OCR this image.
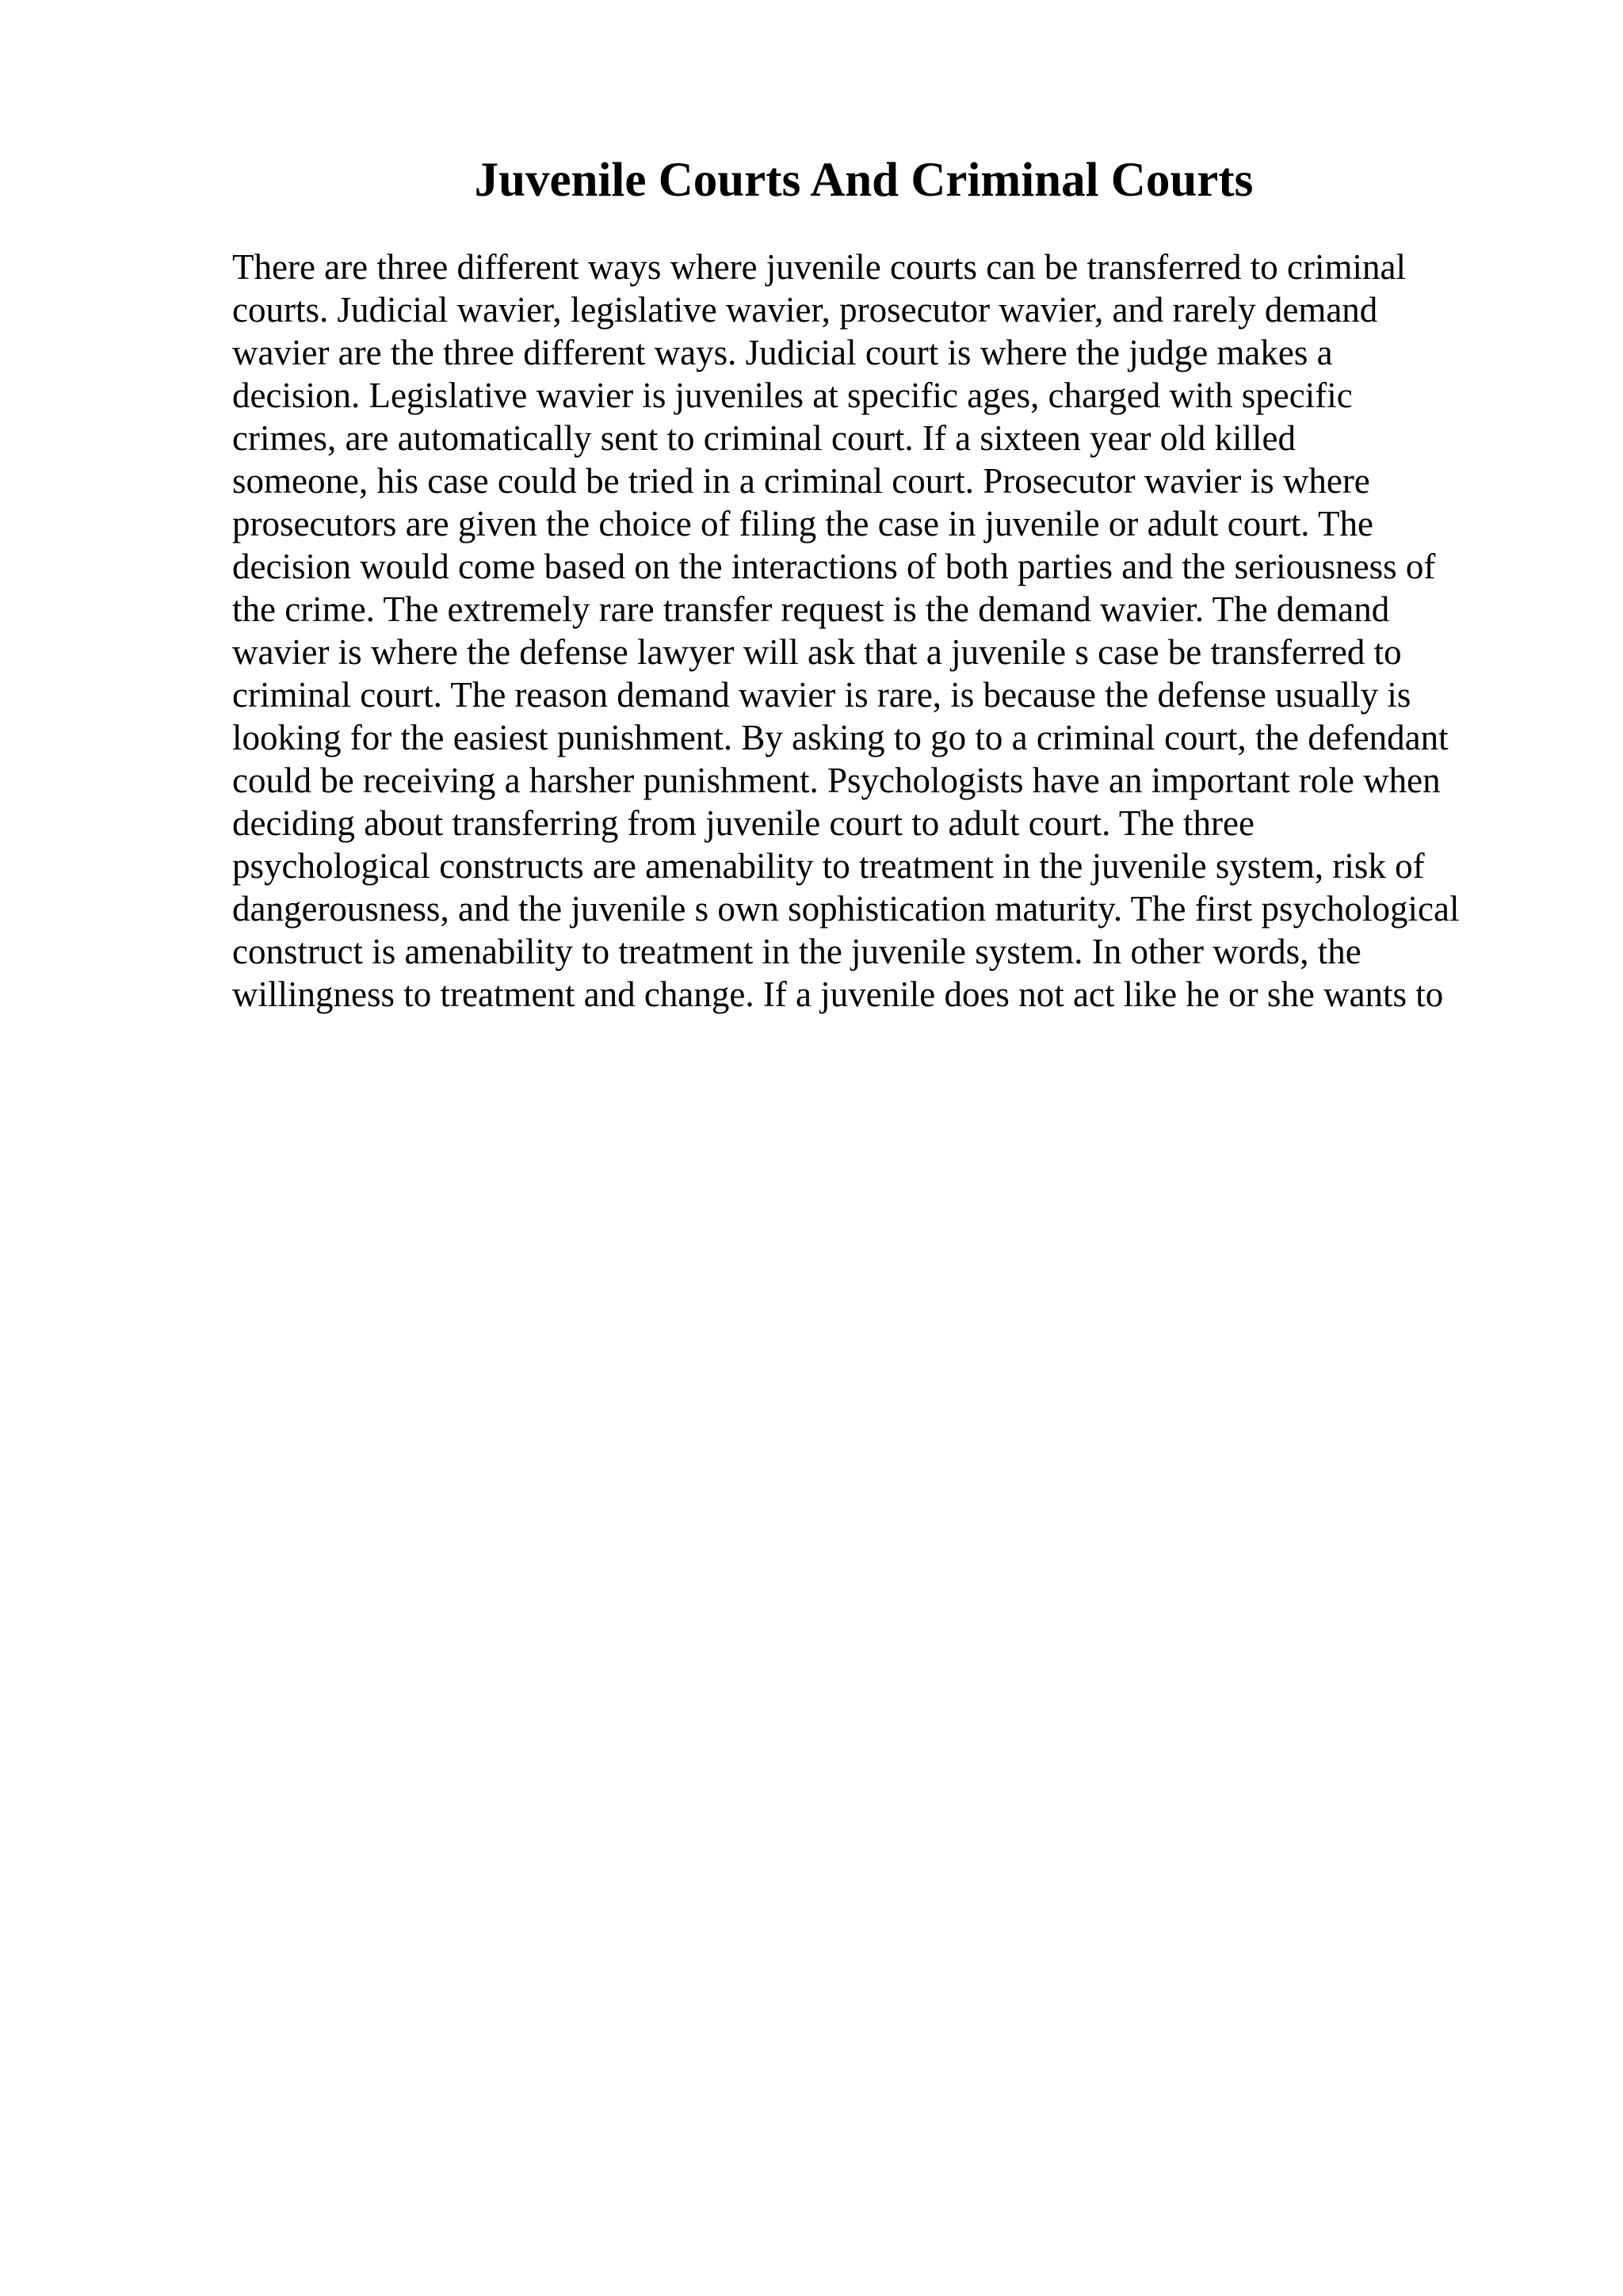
Juvenile Courts And Criminal Courts

There are three different ways where juvenile courts can be transferred to criminal
courts. Judicial wavier, legislative wavier, prosecutor wavier, and rarely demand
wavier are the three different ways. Judicial court is where the judge makes a
decision. Legislative wavier is juveniles at specific ages, charged with specific
crimes, are automatically sent to criminal court. If a sixteen year old killed
someone, his case could be tried in a criminal court. Prosecutor wavier is where
prosecutors are given the choice of filing the case in juvenile or adult court. The
decision would come based on the interactions of both parties and the seriousness of
the crime. The extremely rare transfer request is the demand wavier. The demand
wavier is where the defense lawyer will ask that a juvenile s case be transferred to
criminal court. The reason demand wavier is rare, is because the defense usually is
looking for the easiest punishment. By asking to go to a criminal court, the defendant
could be receiving a harsher punishment. Psychologists have an important role when
deciding about transferring from juvenile court to adult court. The three
psychological constructs are amenability to treatment in the juvenile system, risk of
dangerousness, and the juvenile s own sophistication maturity. The first psychological
construct is amenability to treatment in the juvenile system. In other words, the
willingness to treatment and change. If a juvenile does not act like he or she wants to
